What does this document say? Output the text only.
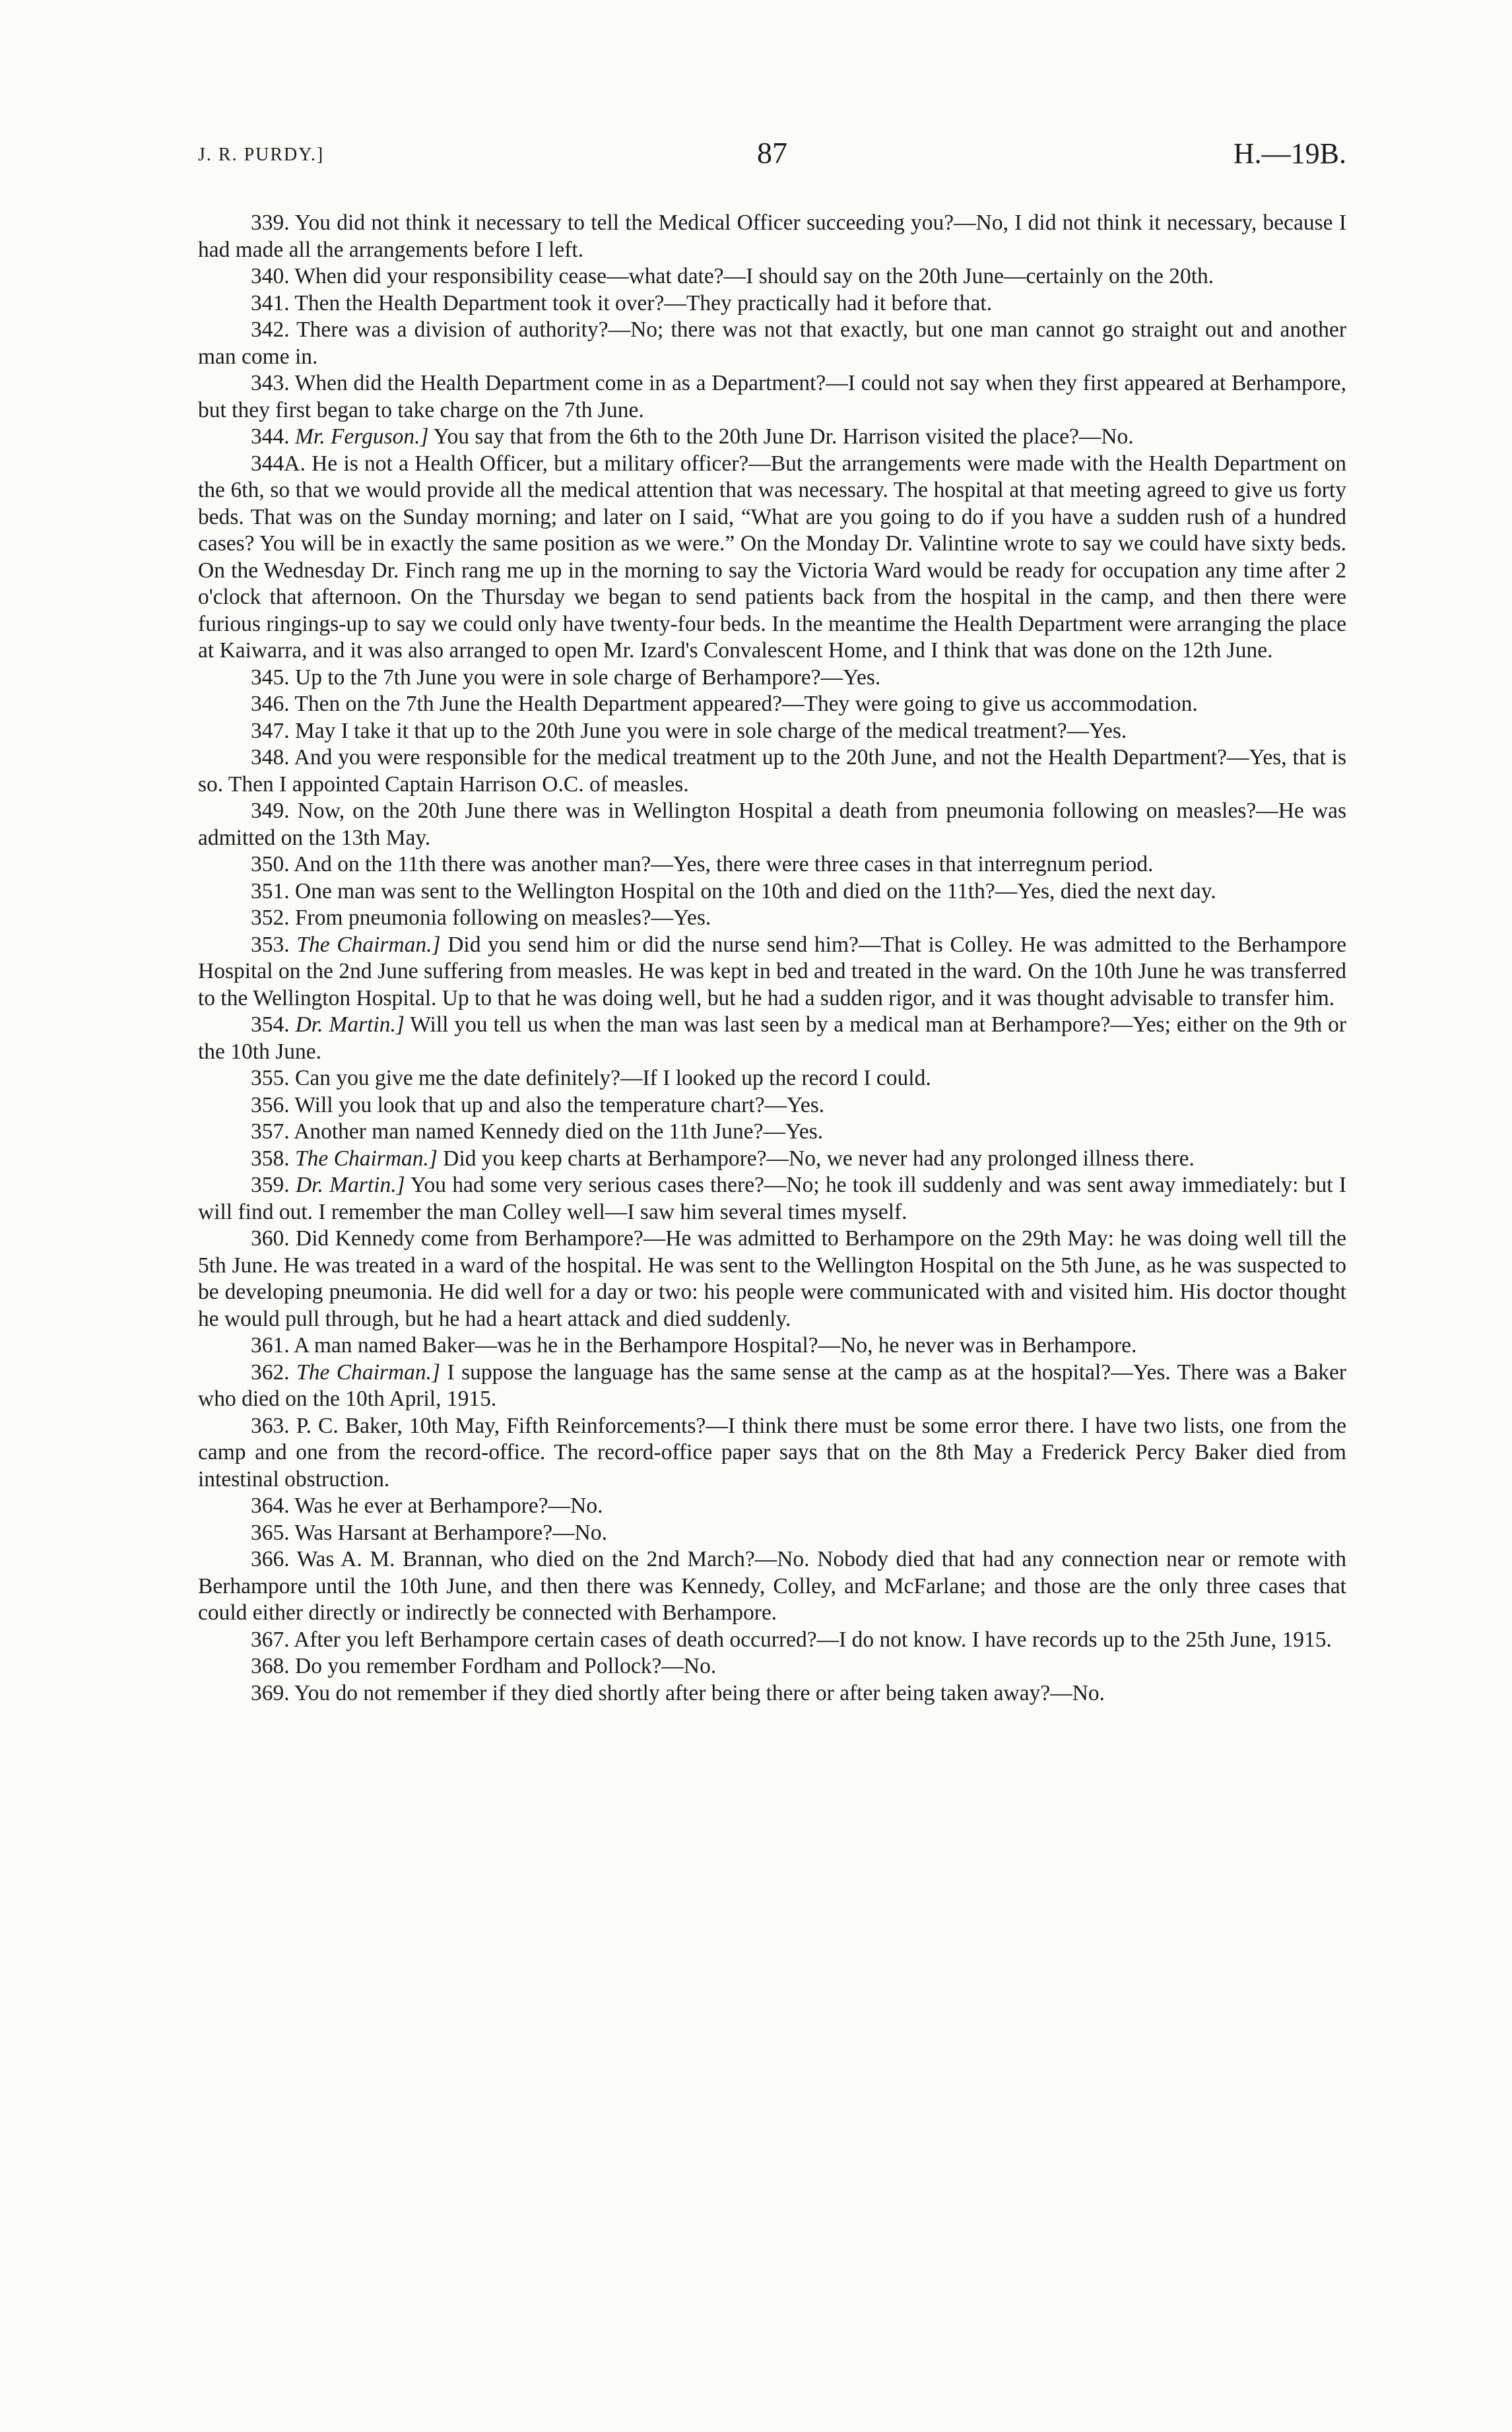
J. R. PURDY.]	87	H.—19B.

339. You did not think it necessary to tell the Medical Officer succeeding you?—No, I did not think it necessary, because I had made all the arrangements before I left.

340. When did your responsibility cease—what date?—I should say on the 20th June—certainly on the 20th.

341. Then the Health Department took it over?—They practically had it before that.

342. There was a division of authority?—No; there was not that exactly, but one man cannot go straight out and another man come in.

343. When did the Health Department come in as a Department?—I could not say when they first appeared at Berhampore, but they first began to take charge on the 7th June.

344. Mr. Ferguson.] You say that from the 6th to the 20th June Dr. Harrison visited the place?—No.

344A. He is not a Health Officer, but a military officer?—But the arrangements were made with the Health Department on the 6th, so that we would provide all the medical attention that was necessary. The hospital at that meeting agreed to give us forty beds. That was on the Sunday morning; and later on I said, “What are you going to do if you have a sudden rush of a hundred cases? You will be in exactly the same position as we were.” On the Monday Dr. Valintine wrote to say we could have sixty beds. On the Wednesday Dr. Finch rang me up in the morning to say the Victoria Ward would be ready for occupation any time after 2 o'clock that afternoon. On the Thursday we began to send patients back from the hospital in the camp, and then there were furious ringings-up to say we could only have twenty-four beds. In the meantime the Health Department were arranging the place at Kaiwarra, and it was also arranged to open Mr. Izard's Convalescent Home, and I think that was done on the 12th June.

345. Up to the 7th June you were in sole charge of Berhampore?—Yes.

346. Then on the 7th June the Health Department appeared?—They were going to give us accommodation.

347. May I take it that up to the 20th June you were in sole charge of the medical treatment?—Yes.

348. And you were responsible for the medical treatment up to the 20th June, and not the Health Department?—Yes, that is so. Then I appointed Captain Harrison O.C. of measles.

349. Now, on the 20th June there was in Wellington Hospital a death from pneumonia following on measles?—He was admitted on the 13th May.

350. And on the 11th there was another man?—Yes, there were three cases in that interregnum period.

351. One man was sent to the Wellington Hospital on the 10th and died on the 11th?—Yes, died the next day.

352. From pneumonia following on measles?—Yes.

353. The Chairman.] Did you send him or did the nurse send him?—That is Colley. He was admitted to the Berhampore Hospital on the 2nd June suffering from measles. He was kept in bed and treated in the ward. On the 10th June he was transferred to the Wellington Hospital. Up to that he was doing well, but he had a sudden rigor, and it was thought advisable to transfer him.

354. Dr. Martin.] Will you tell us when the man was last seen by a medical man at Berhampore?—Yes; either on the 9th or the 10th June.

355. Can you give me the date definitely?—If I looked up the record I could.

356. Will you look that up and also the temperature chart?—Yes.

357. Another man named Kennedy died on the 11th June?—Yes.

358. The Chairman.] Did you keep charts at Berhampore?—No, we never had any prolonged illness there.

359. Dr. Martin.] You had some very serious cases there?—No; he took ill suddenly and was sent away immediately: but I will find out. I remember the man Colley well—I saw him several times myself.

360. Did Kennedy come from Berhampore?—He was admitted to Berhampore on the 29th May: he was doing well till the 5th June. He was treated in a ward of the hospital. He was sent to the Wellington Hospital on the 5th June, as he was suspected to be developing pneumonia. He did well for a day or two: his people were communicated with and visited him. His doctor thought he would pull through, but he had a heart attack and died suddenly.

361. A man named Baker—was he in the Berhampore Hospital?—No, he never was in Berhampore.

362. The Chairman.] I suppose the language has the same sense at the camp as at the hospital?—Yes. There was a Baker who died on the 10th April, 1915.

363. P. C. Baker, 10th May, Fifth Reinforcements?—I think there must be some error there. I have two lists, one from the camp and one from the record-office. The record-office paper says that on the 8th May a Frederick Percy Baker died from intestinal obstruction.

364. Was he ever at Berhampore?—No.

365. Was Harsant at Berhampore?—No.

366. Was A. M. Brannan, who died on the 2nd March?—No. Nobody died that had any connection near or remote with Berhampore until the 10th June, and then there was Kennedy, Colley, and McFarlane; and those are the only three cases that could either directly or indirectly be connected with Berhampore.

367. After you left Berhampore certain cases of death occurred?—I do not know. I have records up to the 25th June, 1915.

368. Do you remember Fordham and Pollock?—No.

369. You do not remember if they died shortly after being there or after being taken away?—No.
